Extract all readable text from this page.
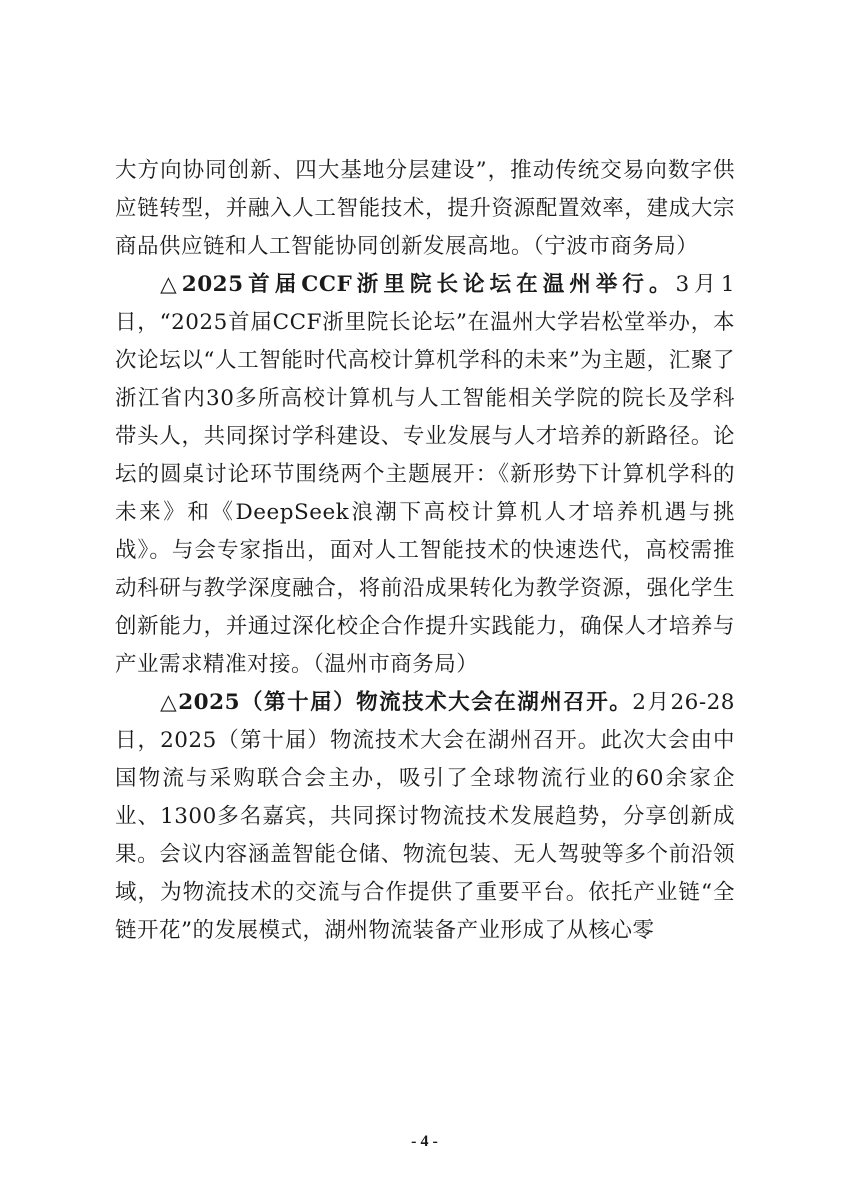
大方向协同创新、四大基地分层建设”，推动传统交易向数字供应链转型，并融入人工智能技术，提升资源配置效率，建成大宗商品供应链和人工智能协同创新发展高地。（宁波市商务局）

△2025首届CCF浙里院长论坛在温州举行。3月1日，“2025首届CCF浙里院长论坛”在温州大学岩松堂举办，本次论坛以“人工智能时代高校计算机学科的未来”为主题，汇聚了浙江省内30多所高校计算机与人工智能相关学院的院长及学科带头人，共同探讨学科建设、专业发展与人才培养的新路径。论坛的圆桌讨论环节围绕两个主题展开：《新形势下计算机学科的未来》和《DeepSeek浪潮下高校计算机人才培养机遇与挑战》。与会专家指出，面对人工智能技术的快速迭代，高校需推动科研与教学深度融合，将前沿成果转化为教学资源，强化学生创新能力，并通过深化校企合作提升实践能力，确保人才培养与产业需求精准对接。（温州市商务局）

△2025（第十届）物流技术大会在湖州召开。2月26-28日，2025（第十届）物流技术大会在湖州召开。此次大会由中国物流与采购联合会主办，吸引了全球物流行业的60余家企业、1300多名嘉宾，共同探讨物流技术发展趋势，分享创新成果。会议内容涵盖智能仓储、物流包装、无人驾驶等多个前沿领域，为物流技术的交流与合作提供了重要平台。依托产业链“全链开花”的发展模式，湖州物流装备产业形成了从核心零

- 4 -
